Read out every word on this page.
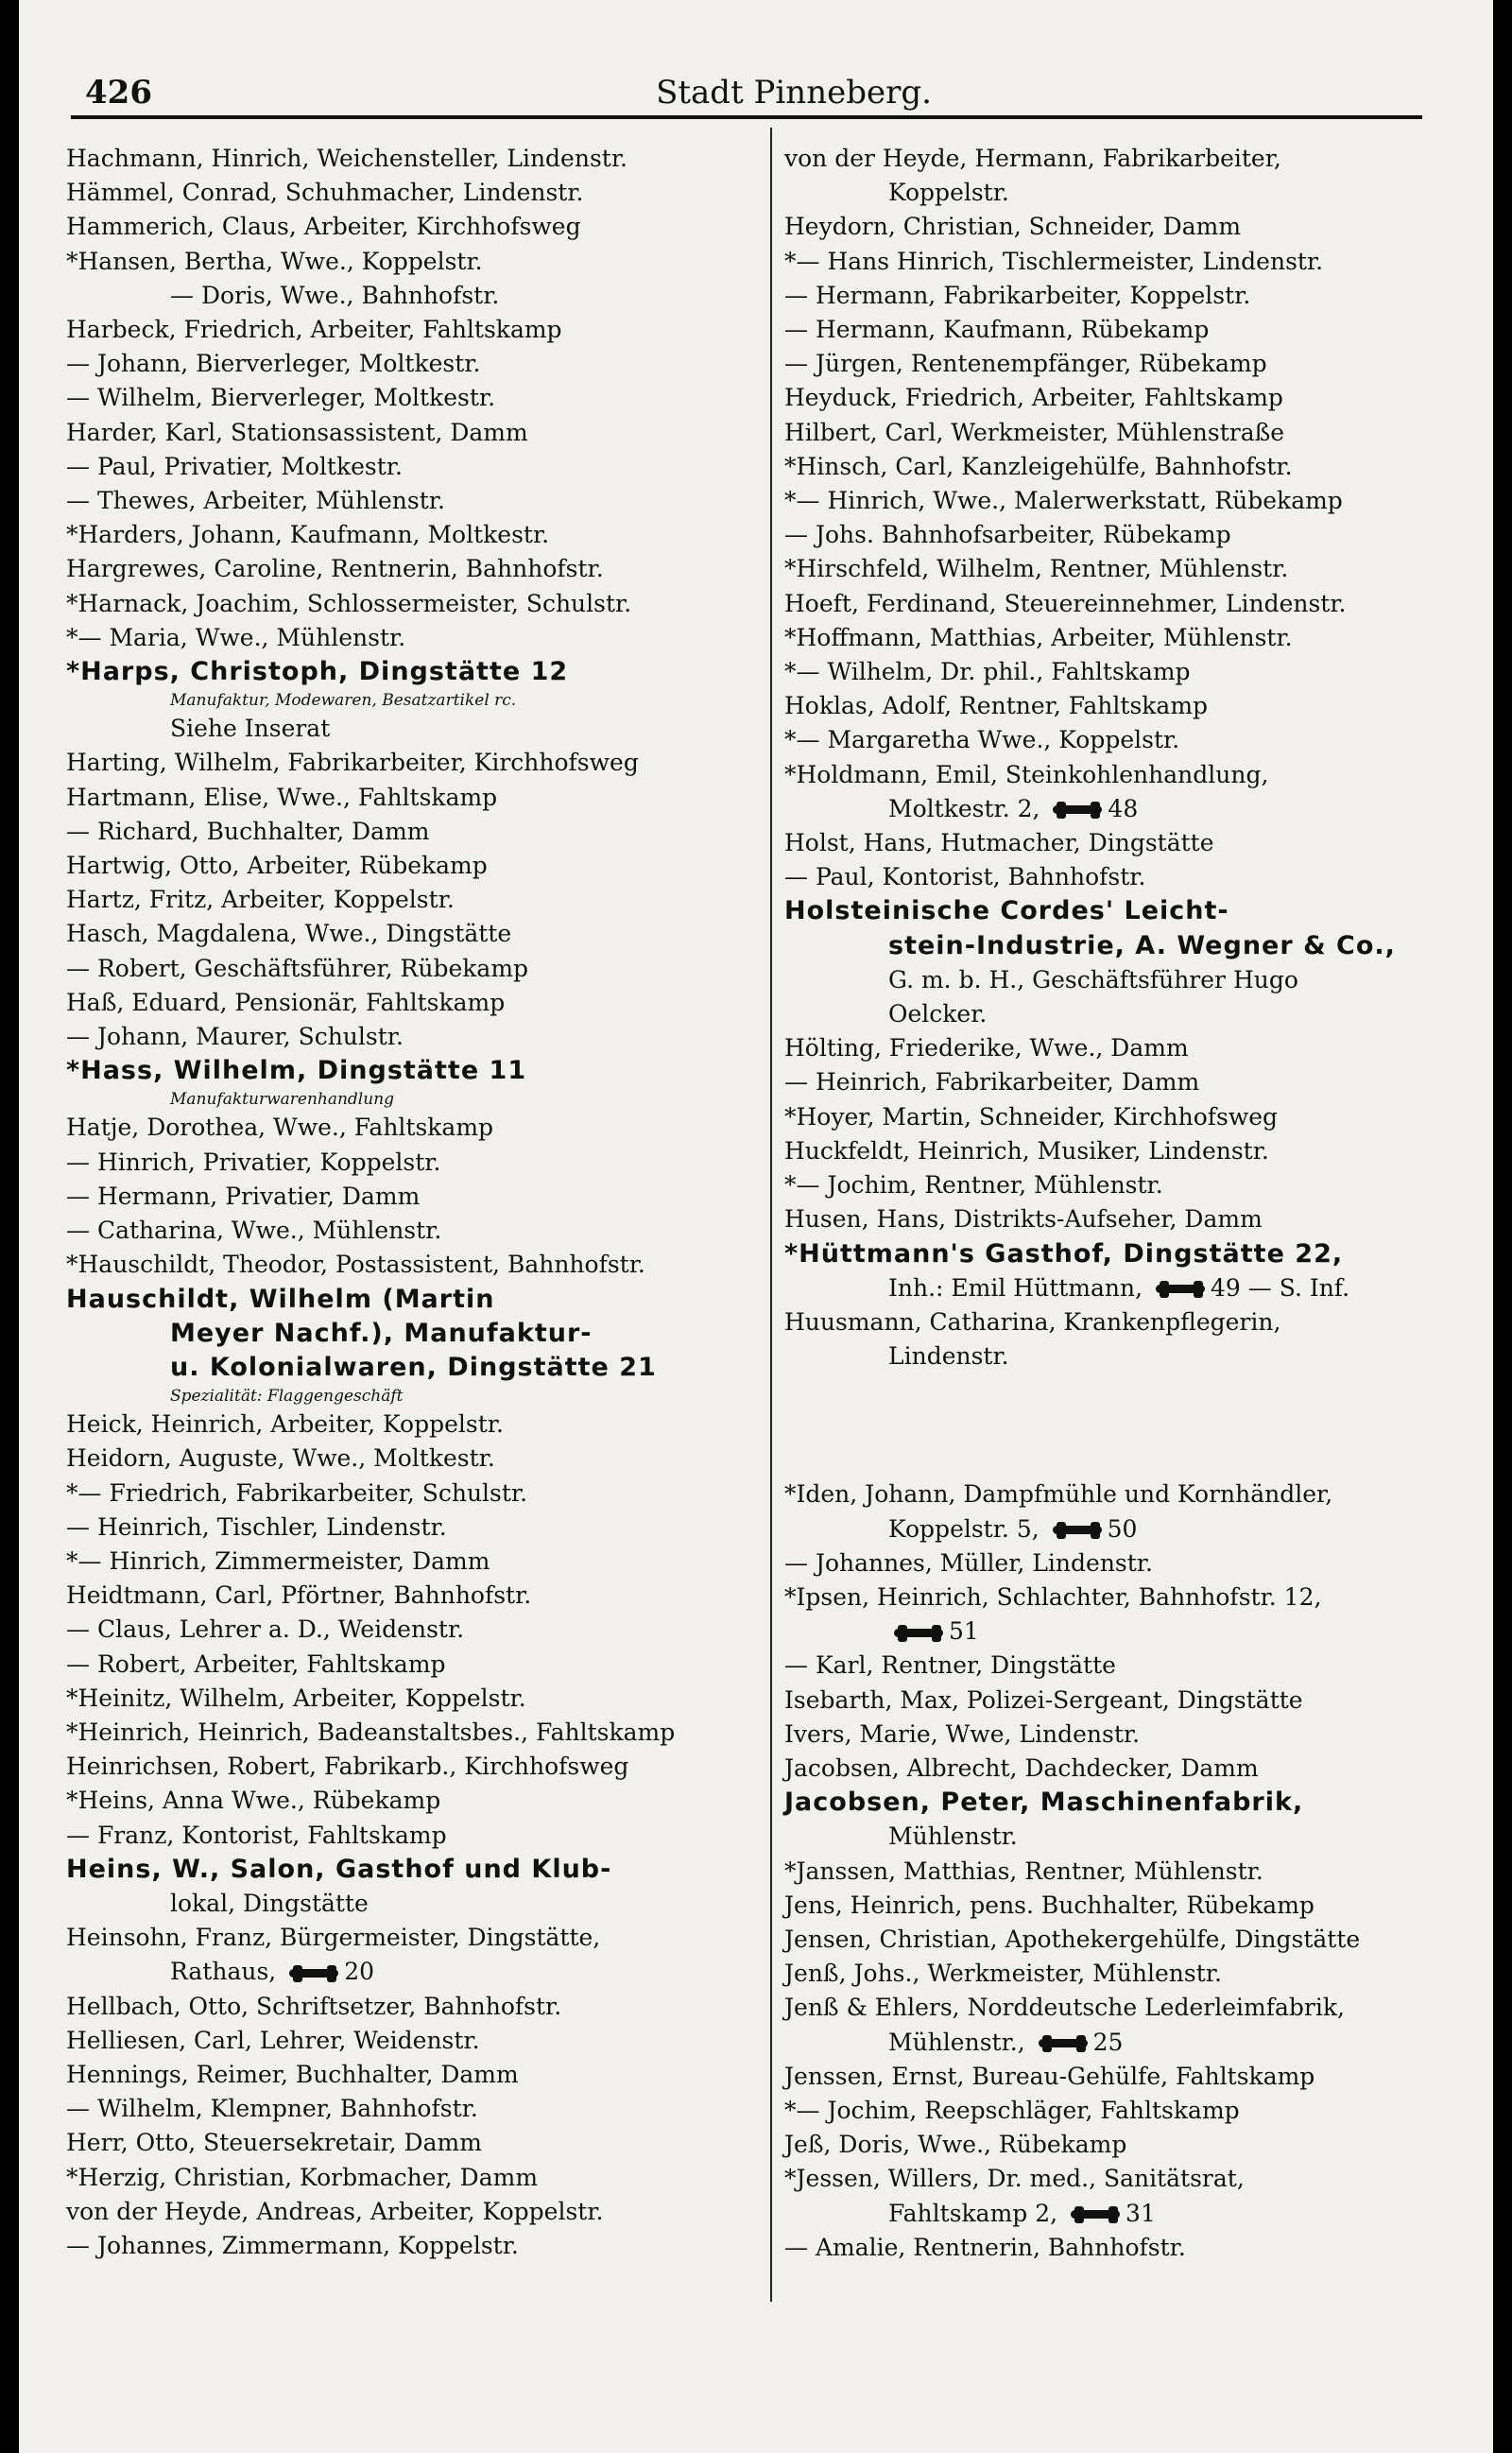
426	Stadt Pinneberg.
Hachmann, Hinrich, Weichensteller, Lindenstr.
Hämmel, Conrad, Schuhmacher, Lindenstr.
Hammerich, Claus, Arbeiter, Kirchhofsweg
*Hansen, Bertha, Wwe., Koppelstr.
— Doris, Wwe., Bahnhofstr.
Harbeck, Friedrich, Arbeiter, Fahltskamp
— Johann, Bierverleger, Moltkestr.
— Wilhelm, Bierverleger, Moltkestr.
Harder, Karl, Stationsassistent, Damm
— Paul, Privatier, Moltkestr.
— Thewes, Arbeiter, Mühlenstr.
*Harders, Johann, Kaufmann, Moltkestr.
Hargrewes, Caroline, Rentnerin, Bahnhofstr.
*Harnack, Joachim, Schlossermeister, Schulstr.
*— Maria, Wwe., Mühlenstr.
*Harps, Christoph, Dingstätte 12
Manufaktur, Modewaren, Besatzartikel rc.
Siehe Inserat
Harting, Wilhelm, Fabrikarbeiter, Kirchhofsweg
Hartmann, Elise, Wwe., Fahltskamp
— Richard, Buchhalter, Damm
Hartwig, Otto, Arbeiter, Rübekamp
Hartz, Fritz, Arbeiter, Koppelstr.
Hasch, Magdalena, Wwe., Dingstätte
— Robert, Geschäftsführer, Rübekamp
Haß, Eduard, Pensionär, Fahltskamp
— Johann, Maurer, Schulstr.
*Hass, Wilhelm, Dingstätte 11
Manufakturwarenhandlung
Hatje, Dorothea, Wwe., Fahltskamp
— Hinrich, Privatier, Koppelstr.
— Hermann, Privatier, Damm
— Catharina, Wwe., Mühlenstr.
*Hauschildt, Theodor, Postassistent, Bahnhofstr.
Hauschildt, Wilhelm (Martin
Meyer Nachf.), Manufaktur-
u. Kolonialwaren, Dingstätte 21
Spezialität: Flaggengeschäft
Heick, Heinrich, Arbeiter, Koppelstr.
Heidorn, Auguste, Wwe., Moltkestr.
*— Friedrich, Fabrikarbeiter, Schulstr.
— Heinrich, Tischler, Lindenstr.
*— Hinrich, Zimmermeister, Damm
Heidtmann, Carl, Pförtner, Bahnhofstr.
— Claus, Lehrer a. D., Weidenstr.
— Robert, Arbeiter, Fahltskamp
*Heinitz, Wilhelm, Arbeiter, Koppelstr.
*Heinrich, Heinrich, Badeanstaltsbes., Fahltskamp
Heinrichsen, Robert, Fabrikarb., Kirchhofsweg
*Heins, Anna Wwe., Rübekamp
— Franz, Kontorist, Fahltskamp
Heins, W., Salon, Gasthof und Klub-
lokal, Dingstätte
Heinsohn, Franz, Bürgermeister, Dingstätte,
Rathaus,	20
Hellbach, Otto, Schriftsetzer, Bahnhofstr.
Helliesen, Carl, Lehrer, Weidenstr.
Hennings, Reimer, Buchhalter, Damm
— Wilhelm, Klempner, Bahnhofstr.
Herr, Otto, Steuersekretair, Damm
*Herzig, Christian, Korbmacher, Damm
von der Heyde, Andreas, Arbeiter, Koppelstr.
— Johannes, Zimmermann, Koppelstr.
von der Heyde, Hermann, Fabrikarbeiter,
Koppelstr.
Heydorn, Christian, Schneider, Damm
*— Hans Hinrich, Tischlermeister, Lindenstr.
— Hermann, Fabrikarbeiter, Koppelstr.
— Hermann, Kaufmann, Rübekamp
— Jürgen, Rentenempfänger, Rübekamp
Heyduck, Friedrich, Arbeiter, Fahltskamp
Hilbert, Carl, Werkmeister, Mühlenstraße
*Hinsch, Carl, Kanzleigehülfe, Bahnhofstr.
*— Hinrich, Wwe., Malerwerkstatt, Rübekamp
— Johs. Bahnhofsarbeiter, Rübekamp
*Hirschfeld, Wilhelm, Rentner, Mühlenstr.
Hoeft, Ferdinand, Steuereinnehmer, Lindenstr.
*Hoffmann, Matthias, Arbeiter, Mühlenstr.
*— Wilhelm, Dr. phil., Fahltskamp
Hoklas, Adolf, Rentner, Fahltskamp
*— Margaretha Wwe., Koppelstr.
*Holdmann, Emil, Steinkohlenhandlung,
Moltkestr. 2,	48
Holst, Hans, Hutmacher, Dingstätte
— Paul, Kontorist, Bahnhofstr.
Holsteinische Cordes' Leicht-
stein-Industrie, A. Wegner & Co.,
G. m. b. H., Geschäftsführer Hugo
Oelcker.
Hölting, Friederike, Wwe., Damm
— Heinrich, Fabrikarbeiter, Damm
*Hoyer, Martin, Schneider, Kirchhofsweg
Huckfeldt, Heinrich, Musiker, Lindenstr.
*— Jochim, Rentner, Mühlenstr.
Husen, Hans, Distrikts-Aufseher, Damm
*Hüttmann's Gasthof, Dingstätte 22,
Inh.: Emil Hüttmann,	49 — S. Inf.
Huusmann, Catharina, Krankenpflegerin,
Lindenstr.
*Iden, Johann, Dampfmühle und Kornhändler,
Koppelstr. 5,	50
— Johannes, Müller, Lindenstr.
*Ipsen, Heinrich, Schlachter, Bahnhofstr. 12,
51
— Karl, Rentner, Dingstätte
Isebarth, Max, Polizei-Sergeant, Dingstätte
Ivers, Marie, Wwe, Lindenstr.
Jacobsen, Albrecht, Dachdecker, Damm
Jacobsen, Peter, Maschinenfabrik,
Mühlenstr.
*Janssen, Matthias, Rentner, Mühlenstr.
Jens, Heinrich, pens. Buchhalter, Rübekamp
Jensen, Christian, Apothekergehülfe, Dingstätte
Jenß, Johs., Werkmeister, Mühlenstr.
Jenß & Ehlers, Norddeutsche Lederleimfabrik,
Mühlenstr.,	25
Jenssen, Ernst, Bureau-Gehülfe, Fahltskamp
*— Jochim, Reepschläger, Fahltskamp
Jeß, Doris, Wwe., Rübekamp
*Jessen, Willers, Dr. med., Sanitätsrat,
Fahltskamp 2,	31
— Amalie, Rentnerin, Bahnhofstr.
